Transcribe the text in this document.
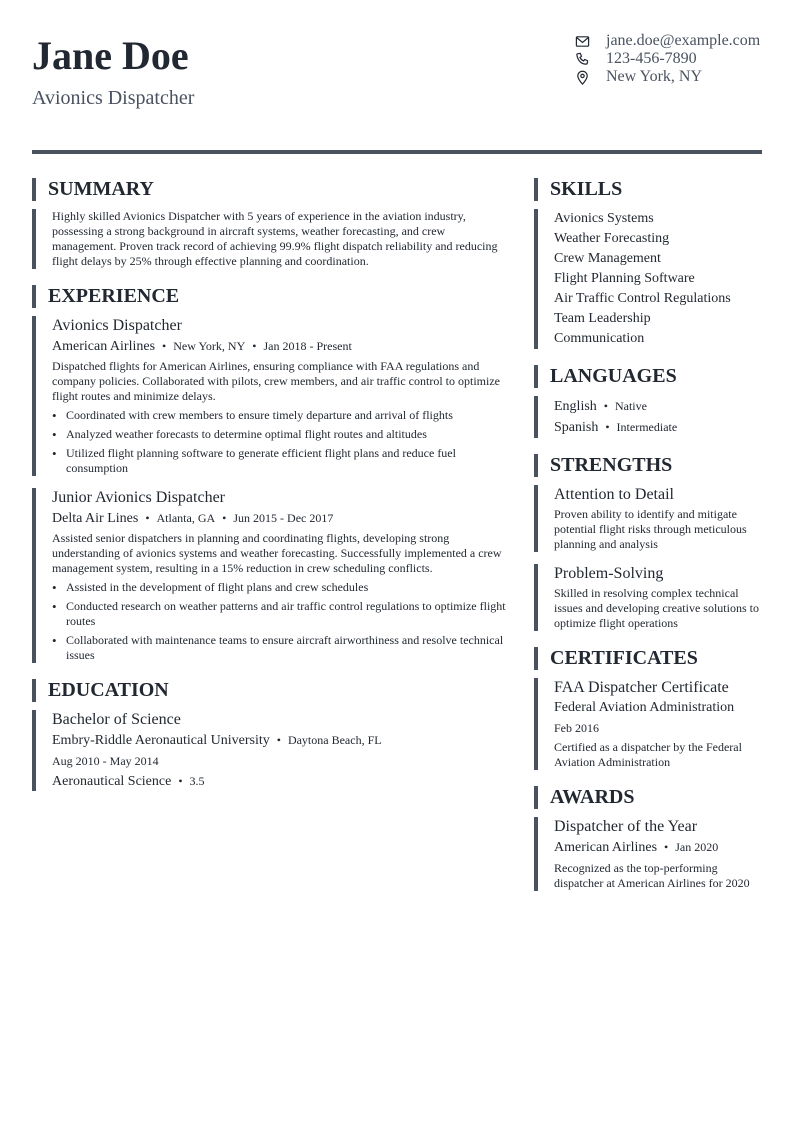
Jane Doe
Avionics Dispatcher
jane.doe@example.com
123-456-7890
New York, NY
SUMMARY
Highly skilled Avionics Dispatcher with 5 years of experience in the aviation industry, possessing a strong background in aircraft systems, weather forecasting, and crew management. Proven track record of achieving 99.9% flight dispatch reliability and reducing flight delays by 25% through effective planning and coordination.
EXPERIENCE
Avionics Dispatcher
American Airlines • New York, NY • Jan 2018 - Present
Dispatched flights for American Airlines, ensuring compliance with FAA regulations and company policies. Collaborated with pilots, crew members, and air traffic control to optimize flight routes and minimize delays.
• Coordinated with crew members to ensure timely departure and arrival of flights
• Analyzed weather forecasts to determine optimal flight routes and altitudes
• Utilized flight planning software to generate efficient flight plans and reduce fuel consumption
Junior Avionics Dispatcher
Delta Air Lines • Atlanta, GA • Jun 2015 - Dec 2017
Assisted senior dispatchers in planning and coordinating flights, developing strong understanding of avionics systems and weather forecasting. Successfully implemented a crew management system, resulting in a 15% reduction in crew scheduling conflicts.
• Assisted in the development of flight plans and crew schedules
• Conducted research on weather patterns and air traffic control regulations to optimize flight routes
• Collaborated with maintenance teams to ensure aircraft airworthiness and resolve technical issues
EDUCATION
Bachelor of Science
Embry-Riddle Aeronautical University • Daytona Beach, FL
Aug 2010 - May 2014
Aeronautical Science • 3.5
SKILLS
Avionics Systems
Weather Forecasting
Crew Management
Flight Planning Software
Air Traffic Control Regulations
Team Leadership
Communication
LANGUAGES
English • Native
Spanish • Intermediate
STRENGTHS
Attention to Detail
Proven ability to identify and mitigate potential flight risks through meticulous planning and analysis
Problem-Solving
Skilled in resolving complex technical issues and developing creative solutions to optimize flight operations
CERTIFICATES
FAA Dispatcher Certificate
Federal Aviation Administration
Feb 2016
Certified as a dispatcher by the Federal Aviation Administration
AWARDS
Dispatcher of the Year
American Airlines • Jan 2020
Recognized as the top-performing dispatcher at American Airlines for 2020
